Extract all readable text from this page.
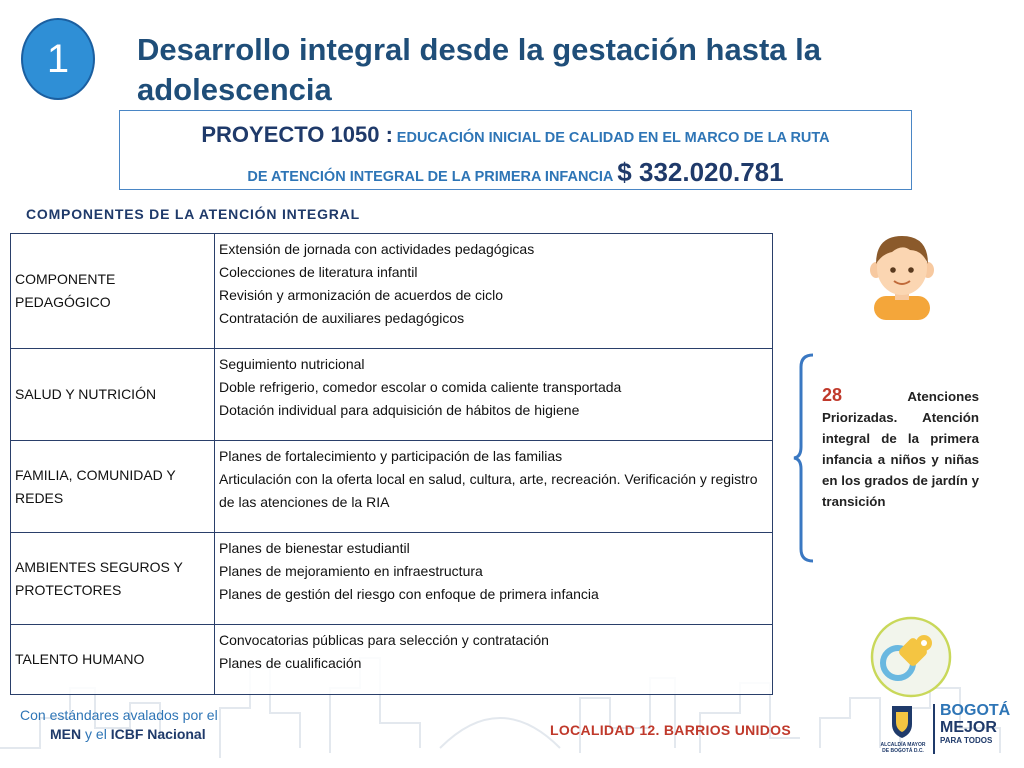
1 Desarrollo integral desde la gestación hasta la adolescencia
PROYECTO 1050 : EDUCACIÓN INICIAL DE CALIDAD EN EL MARCO DE LA RUTA
DE ATENCIÓN INTEGRAL DE LA PRIMERA INFANCIA $ 332.020.781
COMPONENTES DE LA ATENCIÓN INTEGRAL
COMPONENTE PEDAGÓGICO	Extensión de jornada con actividades pedagógicas
Colecciones de literatura infantil
Revisión y armonización de acuerdos de ciclo
Contratación de auxiliares pedagógicos

SALUD Y NUTRICIÓN	Seguimiento nutricional
Doble refrigerio, comedor escolar o comida caliente transportada
Dotación individual para adquisición de hábitos de higiene

FAMILIA, COMUNIDAD Y REDES	Planes de fortalecimiento y participación de las familias
Articulación con la oferta local en salud, cultura, arte, recreación. Verificación y registro de las atenciones de la RIA

AMBIENTES SEGUROS Y PROTECTORES	Planes de bienestar estudiantil
Planes de mejoramiento en infraestructura
Planes de gestión del riesgo con enfoque de primera infancia

TALENTO HUMANO	Convocatorias públicas para selección y contratación
Planes de cualificación
28	Atenciones Priorizadas. Atención integral de la primera infancia a niños y niñas en los grados de jardín y transición
Con estándares avalados por el
MEN y el ICBF Nacional	LOCALIDAD 12. BARRIOS UNIDOS
ALCALDÍA MAYOR
DE BOGOTÁ D.C.
BOGOTÁ
MEJOR
PARA TODOS
